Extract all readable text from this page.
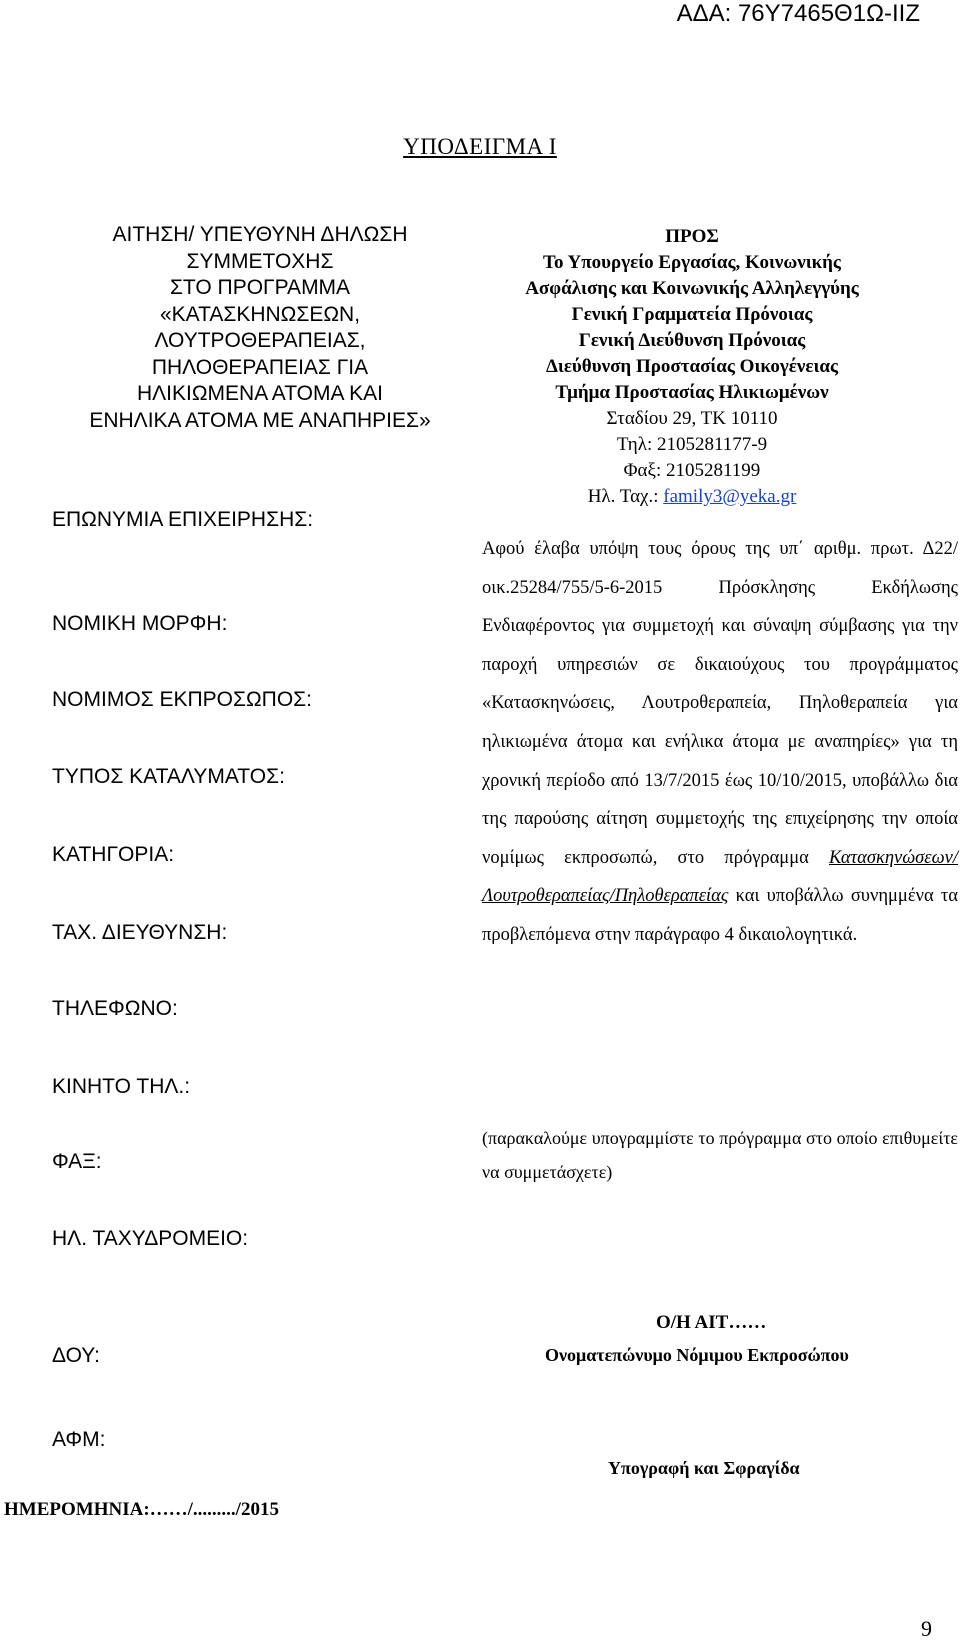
ΑΔΑ: 76Υ7465Θ1Ω-ΙΙΖ
ΥΠΟΔΕΙΓΜΑ Ι
ΑΙΤΗΣΗ/ ΥΠΕΥΘΥΝΗ ΔΗΛΩΣΗ
ΣΥΜΜΕΤΟΧΗΣ
ΣΤΟ ΠΡΟΓΡΑΜΜΑ
«ΚΑΤΑΣΚΗΝΩΣΕΩΝ,
ΛΟΥΤΡΟΘΕΡΑΠΕΙΑΣ,
ΠΗΛΟΘΕΡΑΠΕΙΑΣ ΓΙΑ
ΗΛΙΚΙΩΜΕΝΑ ΑΤΟΜΑ ΚΑΙ
ΕΝΗΛΙΚΑ ΑΤΟΜΑ ΜΕ ΑΝΑΠΗΡΙΕΣ»
ΕΠΩΝΥΜΙΑ ΕΠΙΧΕΙΡΗΣΗΣ:
ΝΟΜΙΚΗ ΜΟΡΦΗ:
ΝΟΜΙΜΟΣ ΕΚΠΡΟΣΩΠΟΣ:
ΤΥΠΟΣ ΚΑΤΑΛΥΜΑΤΟΣ:
ΚΑΤΗΓΟΡΙΑ:
ΤΑΧ. ΔΙΕΥΘΥΝΣΗ:
ΤΗΛΕΦΩΝΟ:
ΚΙΝΗΤΟ ΤΗΛ.:
ΦΑΞ:
ΗΛ. ΤΑΧΥΔΡΟΜΕΙΟ:
ΔΟΥ:
ΑΦΜ:
ΗΜΕΡΟΜΗΝΙΑ:……/........./2015
ΠΡΟΣ
Το Υπουργείο Εργασίας, Κοινωνικής
Ασφάλισης και Κοινωνικής Αλληλεγγύης
Γενική Γραμματεία Πρόνοιας
Γενική Διεύθυνση Πρόνοιας
Διεύθυνση Προστασίας Οικογένειας
Τμήμα Προστασίας Ηλικιωμένων
Σταδίου 29, ΤΚ 10110
Τηλ: 2105281177-9
Φαξ: 2105281199
Ηλ. Ταχ.: family3@yeka.gr
Αφού έλαβα υπόψη τους όρους της υπ΄ αριθμ. πρωτ. Δ22/οικ.25284/755/5-6-2015 Πρόσκλησης Εκδήλωσης Ενδιαφέροντος για συμμετοχή και σύναψη σύμβασης για την παροχή υπηρεσιών σε δικαιούχους του προγράμματος «Κατασκηνώσεις, Λουτροθεραπεία, Πηλοθεραπεία για ηλικιωμένα άτομα και ενήλικα άτομα με αναπηρίες» για τη χρονική περίοδο από 13/7/2015 έως 10/10/2015, υποβάλλω δια της παρούσης αίτηση συμμετοχής της επιχείρησης την οποία νομίμως εκπροσωπώ, στο πρόγραμμα Κατασκηνώσεων/Λουτροθεραπείας/Πηλοθεραπείας και υποβάλλω συνημμένα τα προβλεπόμενα στην παράγραφο 4 δικαιολογητικά.
(παρακαλούμε υπογραμμίστε το πρόγραμμα στο οποίο επιθυμείτε να συμμετάσχετε)
Ο/Η ΑΙΤ……
Ονοματεπώνυμο Νόμιμου Εκπροσώπου
Υπογραφή και Σφραγίδα
9
